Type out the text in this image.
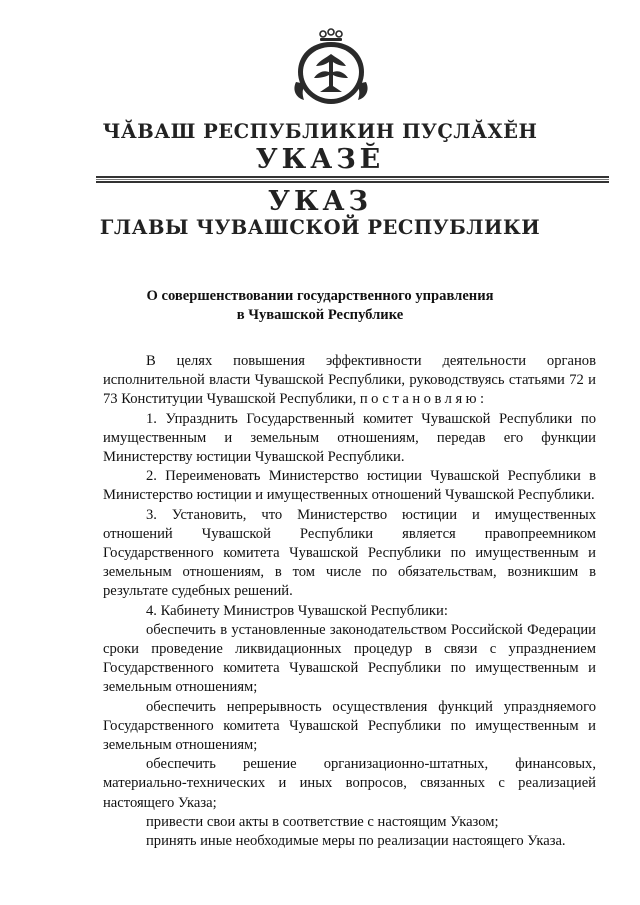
ЧӐВАШ РЕСПУБЛИКИН ПУҪЛӐХӖН
УКАЗӖ
УКАЗ
ГЛАВЫ ЧУВАШСКОЙ РЕСПУБЛИКИ
О совершенствовании государственного управления
в Чувашской Республике

В целях повышения эффективности деятельности органов исполнительной власти Чувашской Республики, руководствуясь статьями 72 и 73 Конституции Чувашской Республики, постановляю:

1. Упразднить Государственный комитет Чувашской Республики по имущественным и земельным отношениям, передав его функции Министерству юстиции Чувашской Республики.

2. Переименовать Министерство юстиции Чувашской Республики в Министерство юстиции и имущественных отношений Чувашской Республики.

3. Установить, что Министерство юстиции и имущественных отношений Чувашской Республики является правопреемником Государственного комитета Чувашской Республики по имущественным и земельным отношениям, в том числе по обязательствам, возникшим в результате судебных решений.

4. Кабинету Министров Чувашской Республики:

обеспечить в установленные законодательством Российской Федерации сроки проведение ликвидационных процедур в связи с упразднением Государственного комитета Чувашской Республики по имущественным и земельным отношениям;

обеспечить непрерывность осуществления функций упраздняемого Государственного комитета Чувашской Республики по имущественным и земельным отношениям;

обеспечить решение организационно-штатных, финансовых, материально-технических и иных вопросов, связанных с реализацией настоящего Указа;

привести свои акты в соответствие с настоящим Указом;

принять иные необходимые меры по реализации настоящего Указа.
